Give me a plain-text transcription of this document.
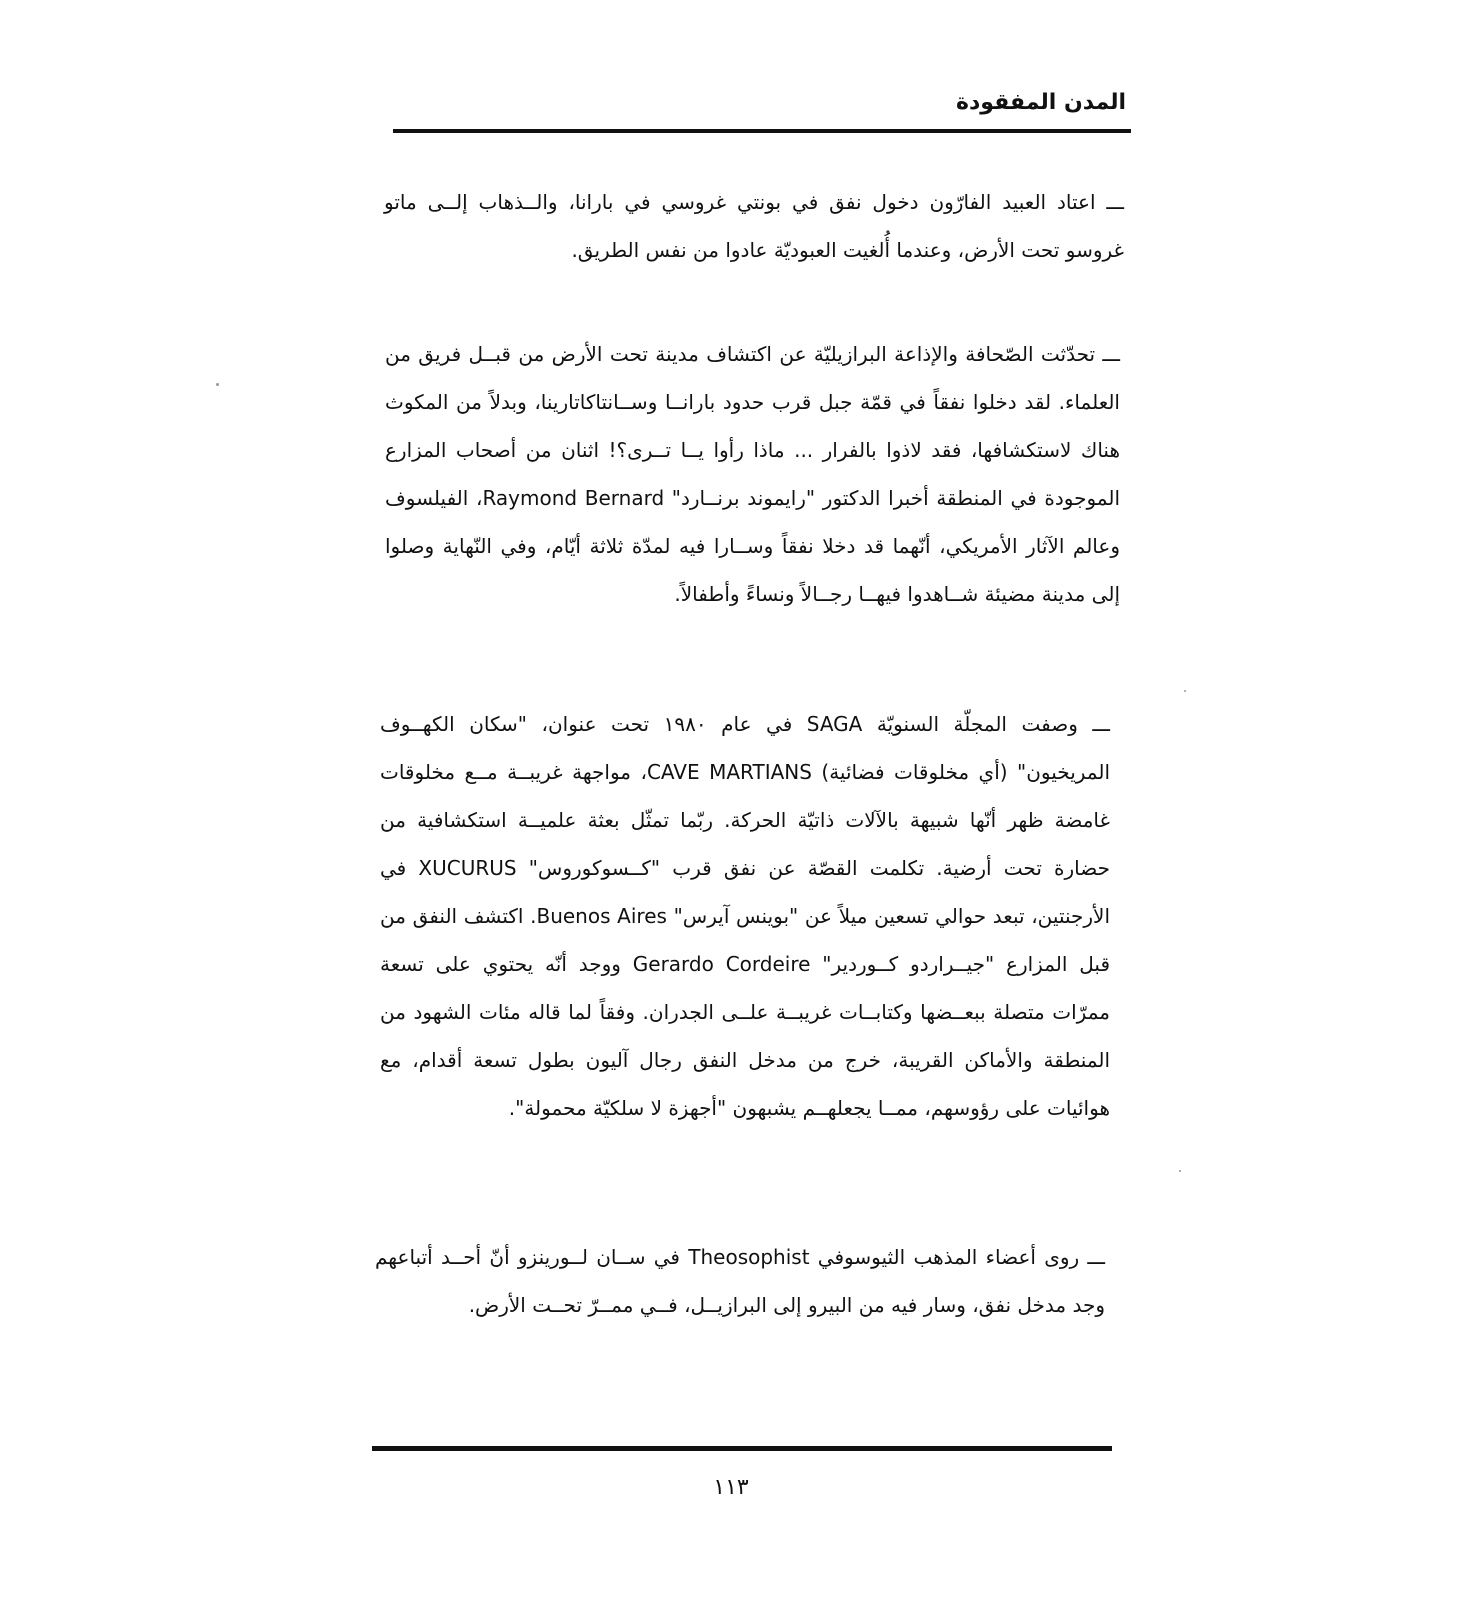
المدن المفقودة

ـــ اعتاد العبيد الفارّون دخول نفق في بونتي غروسي في بارانا، والــذهاب إلــى ماتو غروسو تحت الأرض، وعندما أُلغيت العبوديّة عادوا من نفس الطريق.

ـــ تحدّثت الصّحافة والإذاعة البرازيليّة عن اكتشاف مدينة تحت الأرض من قبــل فريق من العلماء. لقد دخلوا نفقاً في قمّة جبل قرب حدود بارانــا وســانتاكاتارينا، وبدلاً من المكوث هناك لاستكشافها، فقد لاذوا بالفرار ... ماذا رأوا يــا تــرى؟! اثنان من أصحاب المزارع الموجودة في المنطقة أخبرا الدكتور "رايموند برنــارد" Raymond Bernard، الفيلسوف وعالم الآثار الأمريكي، أنّهما قد دخلا نفقاً وســارا فيه لمدّة ثلاثة أيّام، وفي النّهاية وصلوا إلى مدينة مضيئة شــاهدوا فيهــا رجــالاً ونساءً وأطفالاً.

ـــ وصفت المجلّة السنويّة SAGA في عام ١٩٨٠ تحت عنوان، "سكان الكهــوف المريخيون" (أي مخلوقات فضائية) CAVE MARTIANS، مواجهة غريبــة مــع مخلوقات غامضة ظهر أنّها شبيهة بالآلات ذاتيّة الحركة. ربّما تمثّل بعثة علميــة استكشافية من حضارة تحت أرضية. تكلمت القصّة عن نفق قرب "كــسوكوروس" XUCURUS في الأرجنتين، تبعد حوالي تسعين ميلاً عن "بوينس آيرس" Buenos Aires. اكتشف النفق من قبل المزارع "جيــراردو كــوردير" Gerardo Cordeire ووجد أنّه يحتوي على تسعة ممرّات متصلة ببعــضها وكتابــات غريبــة علــى الجدران. وفقاً لما قاله مئات الشهود من المنطقة والأماكن القريبة، خرج من مدخل النفق رجال آليون بطول تسعة أقدام، مع هوائيات على رؤوسهم، ممــا يجعلهــم يشبهون "أجهزة لا سلكيّة محمولة".

ـــ روى أعضاء المذهب الثيوسوفي Theosophist في ســان لــورينزو أنّ أحــد أتباعهم وجد مدخل نفق، وسار فيه من البيرو إلى البرازيــل، فــي ممــرّ تحــت الأرض.

١١٣
